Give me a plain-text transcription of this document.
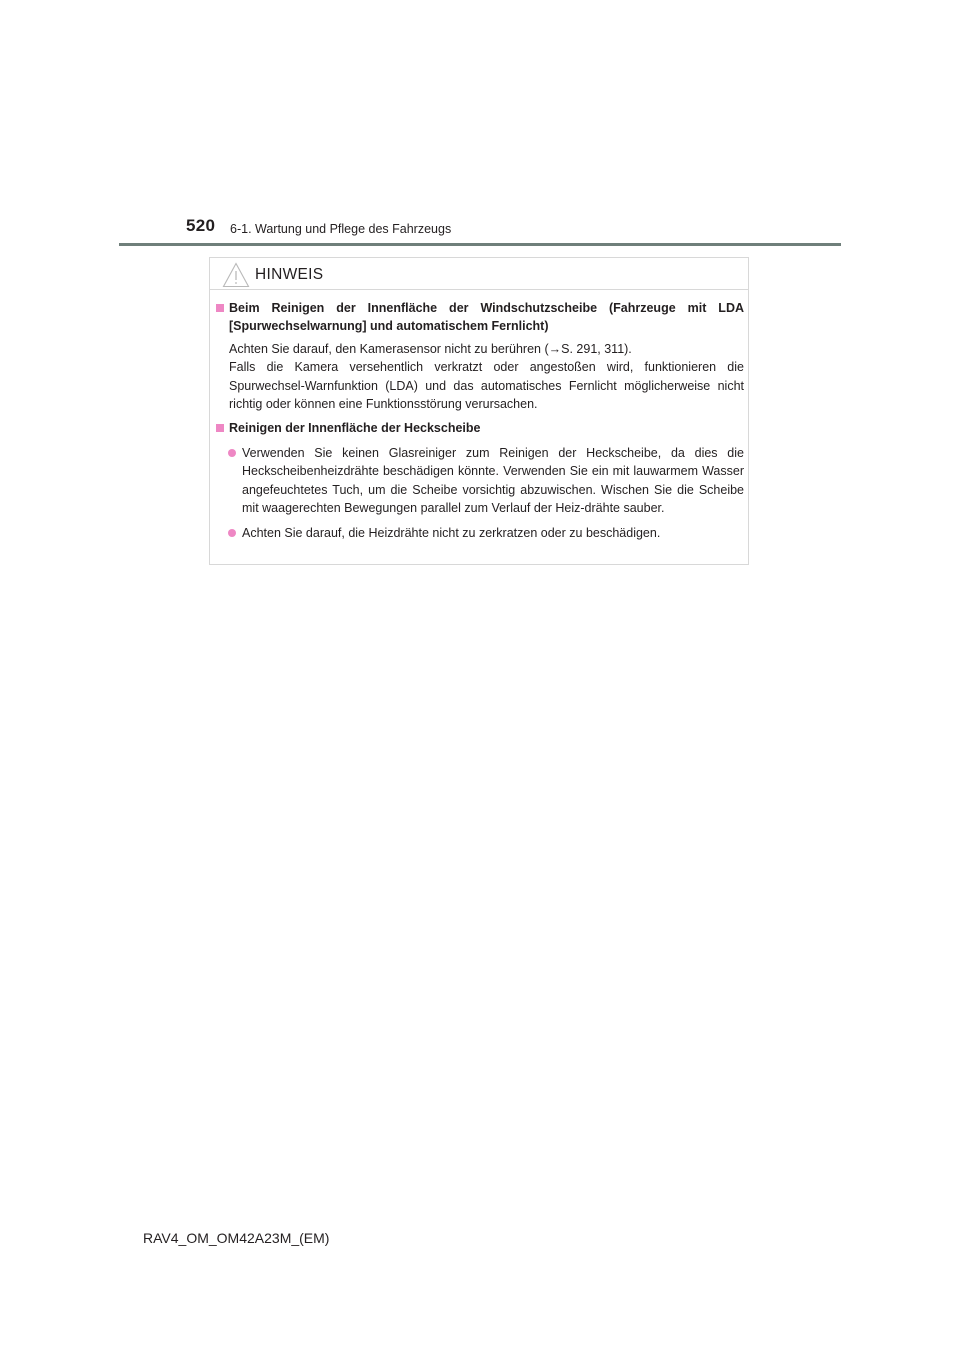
520 6-1. Wartung und Pflege des Fahrzeugs
HINWEIS
Beim Reinigen der Innenfläche der Windschutzscheibe (Fahrzeuge mit LDA [Spurwechselwarnung] und automatischem Fernlicht)
Achten Sie darauf, den Kamerasensor nicht zu berühren (→S. 291, 311).
Falls die Kamera versehentlich verkratzt oder angestoßen wird, funktionieren die Spurwechsel-Warnfunktion (LDA) und das automatisches Fernlicht möglicherweise nicht richtig oder können eine Funktionsstörung verursachen.
Reinigen der Innenfläche der Heckscheibe
Verwenden Sie keinen Glasreiniger zum Reinigen der Heckscheibe, da dies die Heckscheibenheizdrähte beschädigen könnte. Verwenden Sie ein mit lauwarmem Wasser angefeuchtetes Tuch, um die Scheibe vorsichtig abzuwischen. Wischen Sie die Scheibe mit waagerechten Bewegungen parallel zum Verlauf der Heiz-drähte sauber.
Achten Sie darauf, die Heizdrähte nicht zu zerkratzen oder zu beschädigen.
RAV4_OM_OM42A23M_(EM)
